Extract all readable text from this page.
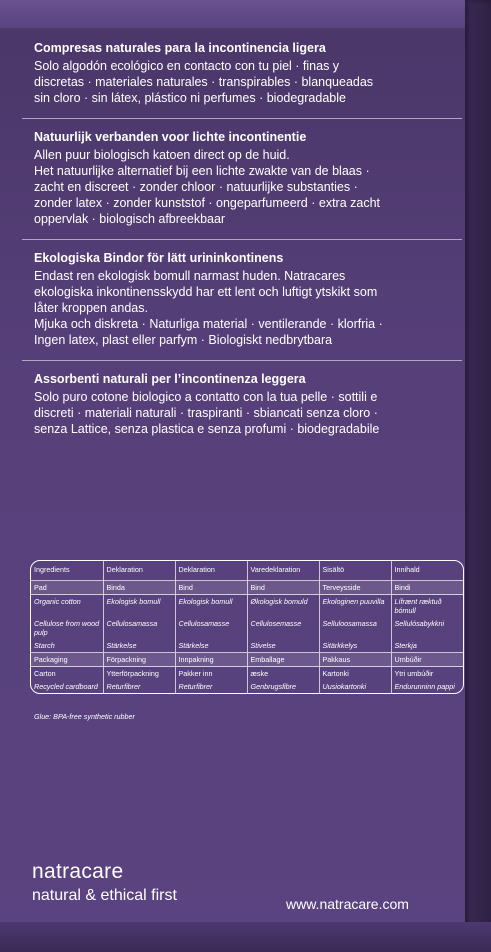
Compresas naturales para la incontinencia ligera

Solo algodón ecológico en contacto con tu piel · finas y

discretas · materiales naturales · transpirables · blanqueadas

sin cloro · sin látex, plástico ni perfumes · biodegradable

Natuurlijk verbanden voor lichte incontinentie

Allen puur biologisch katoen direct op de huid.

Het natuurlijke alternatief bij een lichte zwakte van de blaas ·

zacht en discreet · zonder chloor · natuurlijke substanties ·

zonder latex · zonder kunststof · ongeparfumeerd · extra zacht

oppervlak · biologisch afbreekbaar

Ekologiska Bindor för lätt urininkontinens

Endast ren ekologisk bomull narmast huden. Natracares

ekologiska inkontinensskydd har ett lent och luftigt ytskikt som

låter kroppen andas.

Mjuka och diskreta · Naturliga material · ventilerande · klorfria ·

Ingen latex, plast eller parfym · Biologiskt nedbrytbara

Assorbenti naturali per l’incontinenza leggera

Solo puro cotone biologico a contatto con la tua pelle · sottili e

discreti · materiali naturali · traspiranti · sbiancati senza cloro ·

senza Lattice, senza plastica e senza profumi · biodegradabile

Ingredients	Deklaration	Deklaration	Varedeklaration	Sisältö	Innihald
Pad	Binda	Bind	Bind	Terveysside	Bindi
Organic cotton	Ekologisk bomull	Ekologisk bomull	Økologisk bomuld	Ekologinen puuvilla	Lífrænt ræktuð bómull
Cellulose from wood pulp	Cellulosamassa	Cellulosamasse	Cellulosemasse	Selluloosamassa	Sellulósabykkni
Starch	Stärkelse	Stärkelse	Stivelse	Sitärkkelys	Sterkja
Packaging	Förpackning	Innpakning	Emballage	Pakkaus	Umbúðir
Carton	Ytterförpackning	Pakker inn	æske	Kartonki	Ytri umbúðir
Recycled cardboard	Returfibrer	Returfibrer	Genbrugsfibre	Uusiokartonki	Endurunninn pappi
Glue: BPA-free synthetic rubber
natracare
natural & ethical first	www.natracare.com
